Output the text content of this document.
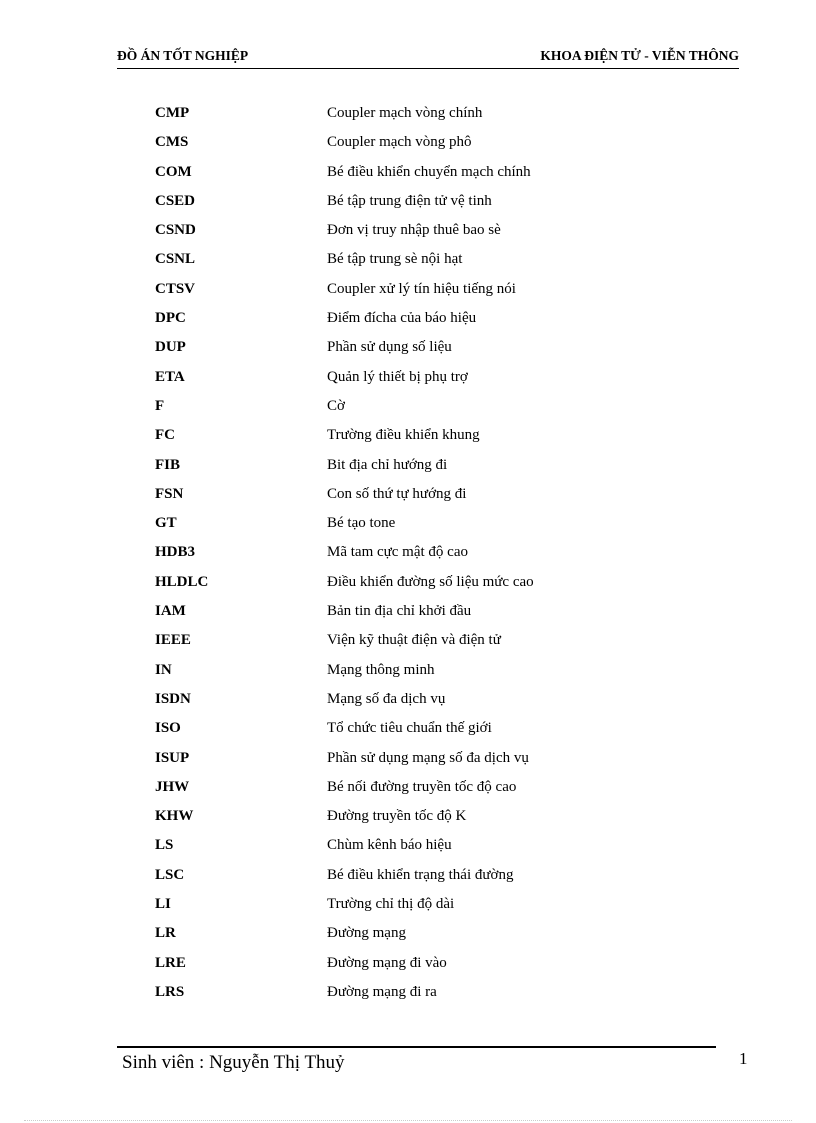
ĐỒ ÁN TỐT NGHIỆP	KHOA ĐIỆN TỬ - VIỄN THÔNG
CMP	Coupler mạch vòng chính
CMS	Coupler mạch vòng phô
COM	Bé điều khiển chuyển mạch chính
CSED	Bé tập trung điện tử vệ tinh
CSND	Đơn vị truy nhập thuê bao sè
CSNL	Bé tập trung sè nội hạt
CTSV	Coupler xử lý tín hiệu tiếng nói
DPC	Điểm đícha của báo hiệu
DUP	Phần sử dụng số liệu
ETA	Quản lý thiết bị phụ trợ
F	Cờ
FC	Trường điều khiển khung
FIB	Bit địa chỉ hướng đi
FSN	Con số thứ tự hướng đi
GT	Bé tạo tone
HDB3	Mã tam cực mật độ cao
HLDLC	Điều khiển đường số liệu mức cao
IAM	Bản tin địa chỉ khởi đầu
IEEE	Viện kỹ thuật điện và điện tử
IN	Mạng thông minh
ISDN	Mạng số đa dịch vụ
ISO	Tổ chức tiêu chuẩn thế giới
ISUP	Phần sử dụng mạng số đa dịch vụ
JHW	Bé nối đường truyền tốc độ cao
KHW	Đường truyền tốc độ K
LS	Chùm kênh báo hiệu
LSC	Bé điều khiển trạng thái đường
LI	Trường chỉ thị độ dài
LR	Đường mạng
LRE	Đường mạng đi vào
LRS	Đường mạng đi ra
Sinh viên : Nguyễn Thị Thuỷ	1
